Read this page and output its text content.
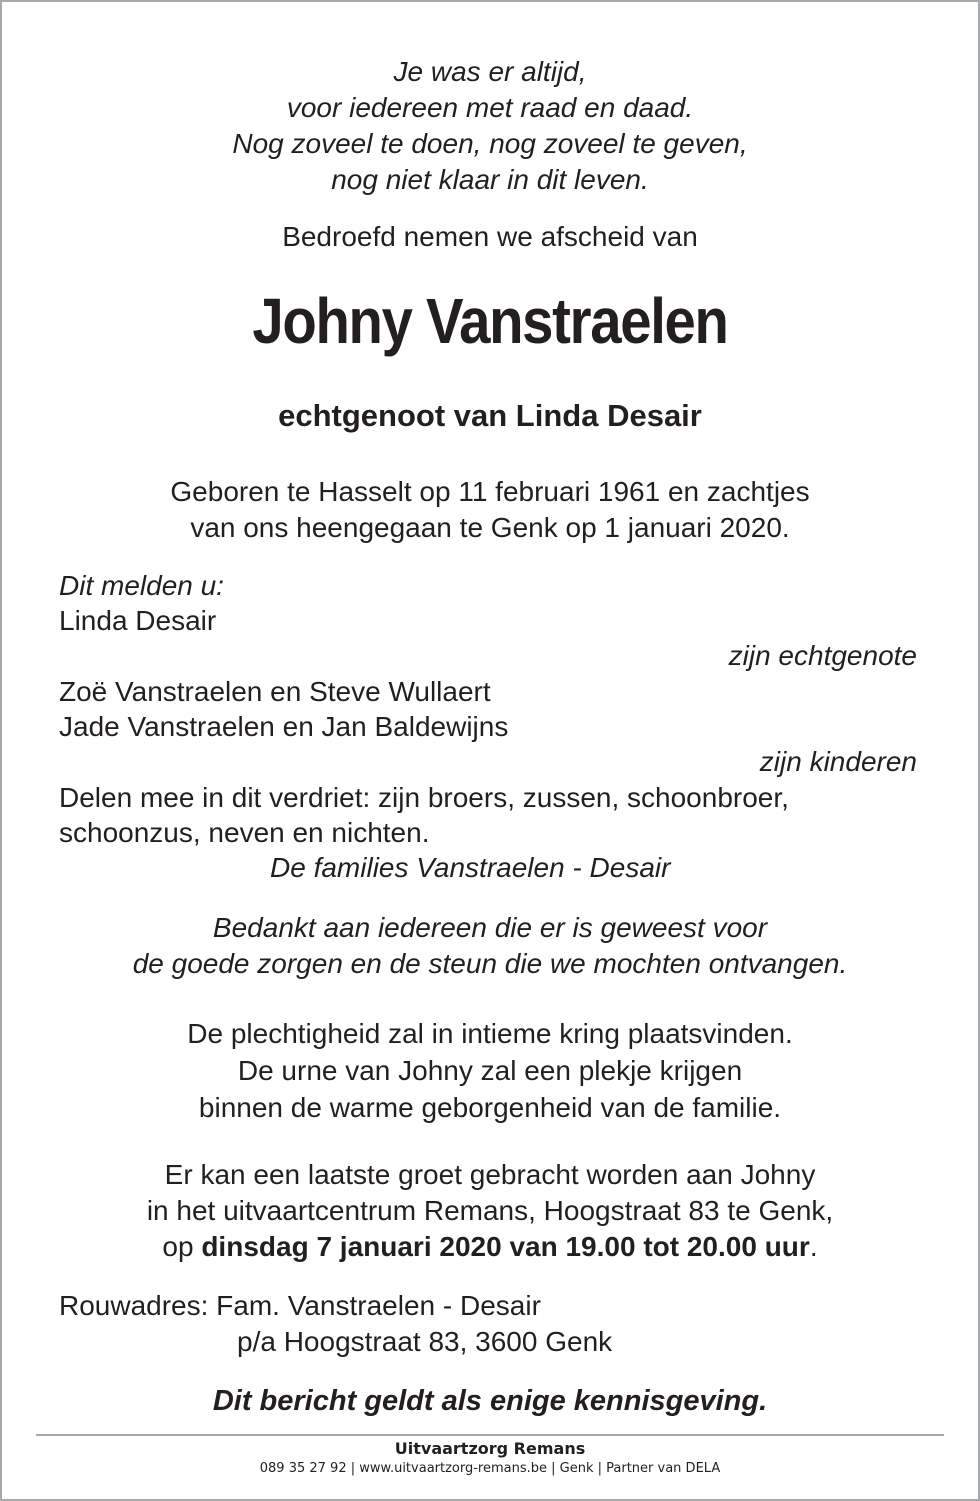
Je was er altijd,
voor iedereen met raad en daad.
Nog zoveel te doen, nog zoveel te geven,
nog niet klaar in dit leven.
Bedroefd nemen we afscheid van
Johny Vanstraelen
echtgenoot van Linda Desair
Geboren te Hasselt op 11 februari 1961 en zachtjes
van ons heengegaan te Genk op 1 januari 2020.
Dit melden u:
Linda Desair
zijn echtgenote
Zoë Vanstraelen en Steve Wullaert
Jade Vanstraelen en Jan Baldewijns
zijn kinderen
Delen mee in dit verdriet: zijn broers, zussen, schoonbroer,
schoonzus, neven en nichten.
De families Vanstraelen - Desair
Bedankt aan iedereen die er is geweest voor
de goede zorgen en de steun die we mochten ontvangen.
De plechtigheid zal in intieme kring plaatsvinden.
De urne van Johny zal een plekje krijgen
binnen de warme geborgenheid van de familie.
Er kan een laatste groet gebracht worden aan Johny
in het uitvaartcentrum Remans, Hoogstraat 83 te Genk,
op dinsdag 7 januari 2020 van 19.00 tot 20.00 uur.
Rouwadres: Fam. Vanstraelen - Desair
p/a Hoogstraat 83, 3600 Genk
Dit bericht geldt als enige kennisgeving.
Uitvaartzorg Remans
089 35 27 92 | www.uitvaartzorg-remans.be | Genk | Partner van DELA
